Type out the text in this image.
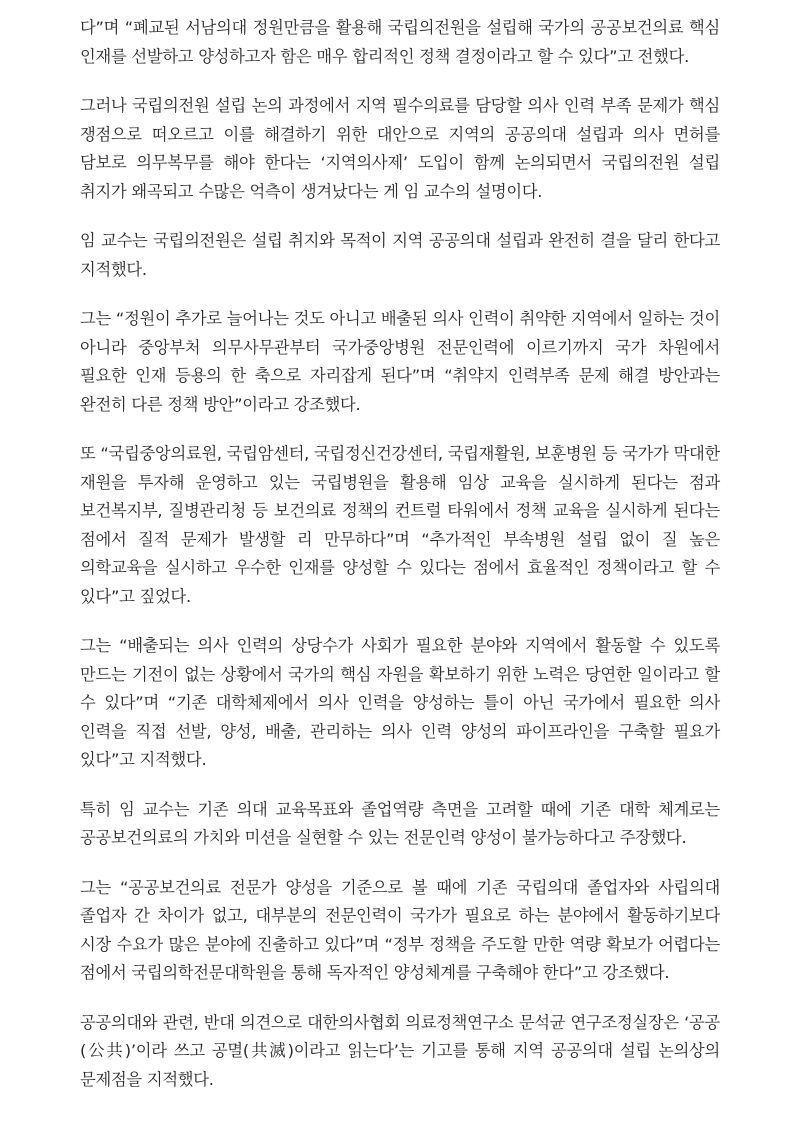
다”며 “폐교된 서남의대 정원만큼을 활용해 국립의전원을 설립해 국가의 공공보건의료 핵심 인재를 선발하고 양성하고자 함은 매우 합리적인 정책 결정이라고 할 수 있다”고 전했다.

그러나 국립의전원 설립 논의 과정에서 지역 필수의료를 담당할 의사 인력 부족 문제가 핵심 쟁점으로 떠오르고 이를 해결하기 위한 대안으로 지역의 공공의대 설립과 의사 면허를 담보로 의무복무를 해야 한다는 ‘지역의사제’ 도입이 함께 논의되면서 국립의전원 설립 취지가 왜곡되고 수많은 억측이 생겨났다는 게 임 교수의 설명이다.

임 교수는 국립의전원은 설립 취지와 목적이 지역 공공의대 설립과 완전히 결을 달리 한다고 지적했다.

그는 “정원이 추가로 늘어나는 것도 아니고 배출된 의사 인력이 취약한 지역에서 일하는 것이 아니라 중앙부처 의무사무관부터 국가중앙병원 전문인력에 이르기까지 국가 차원에서 필요한 인재 등용의 한 축으로 자리잡게 된다”며 “취약지 인력부족 문제 해결 방안과는 완전히 다른 정책 방안”이라고 강조했다.

또 “국립중앙의료원, 국립암센터, 국립정신건강센터, 국립재활원, 보훈병원 등 국가가 막대한 재원을 투자해 운영하고 있는 국립병원을 활용해 임상 교육을 실시하게 된다는 점과 보건복지부, 질병관리청 등 보건의료 정책의 컨트럴 타워에서 정책 교육을 실시하게 된다는 점에서 질적 문제가 발생할 리 만무하다”며 “추가적인 부속병원 설립 없이 질 높은 의학교육을 실시하고 우수한 인재를 양성할 수 있다는 점에서 효율적인 정책이라고 할 수 있다”고 짚었다.

그는 “배출되는 의사 인력의 상당수가 사회가 필요한 분야와 지역에서 활동할 수 있도록 만드는 기전이 없는 상황에서 국가의 핵심 자원을 확보하기 위한 노력은 당연한 일이라고 할 수 있다”며 “기존 대학체제에서 의사 인력을 양성하는 틀이 아닌 국가에서 필요한 의사 인력을 직접 선발, 양성, 배출, 관리하는 의사 인력 양성의 파이프라인을 구축할 필요가 있다”고 지적했다.

특히 임 교수는 기존 의대 교육목표와 졸업역량 측면을 고려할 때에 기존 대학 체계로는 공공보건의료의 가치와 미션을 실현할 수 있는 전문인력 양성이 불가능하다고 주장했다.

그는 “공공보건의료 전문가 양성을 기준으로 볼 때에 기존 국립의대 졸업자와 사립의대 졸업자 간 차이가 없고, 대부분의 전문인력이 국가가 필요로 하는 분야에서 활동하기보다 시장 수요가 많은 분야에 진출하고 있다”며 “정부 정책을 주도할 만한 역량 확보가 어렵다는 점에서 국립의학전문대학원을 통해 독자적인 양성체계를 구축해야 한다”고 강조했다.

공공의대와 관련, 반대 의견으로 대한의사협회 의료정책연구소 문석균 연구조정실장은 ‘공공(公共)’이라 쓰고 공멸(共滅)이라고 읽는다’는 기고를 통해 지역 공공의대 설립 논의상의 문제점을 지적했다.
